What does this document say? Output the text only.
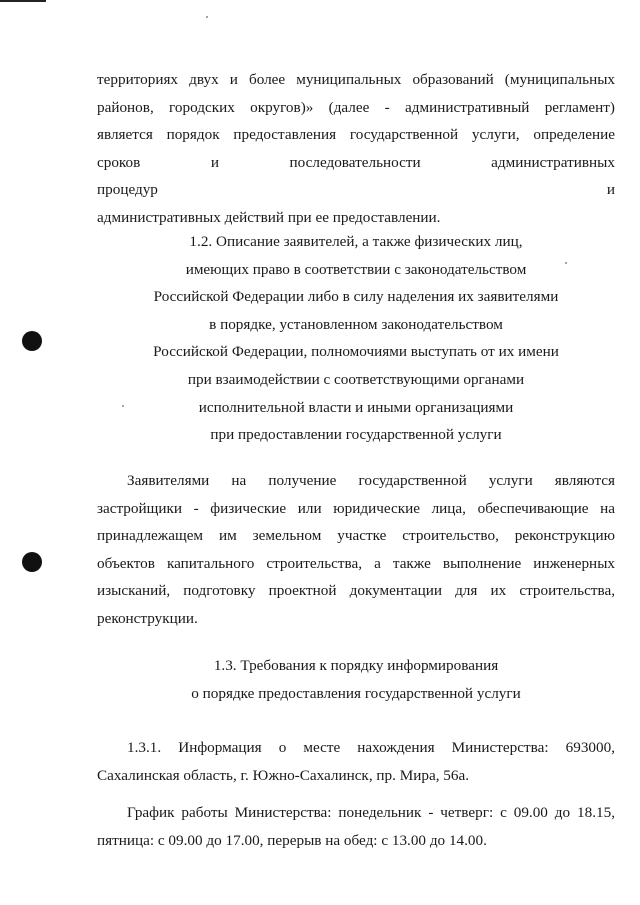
территориях двух и более муниципальных образований (муниципальных

районов, городских округов)» (далее - административный регламент)

является порядок предоставления государственной услуги, определение

сроков и последовательности административных процедур и

административных действий при ее предоставлении.

1.2. Описание заявителей, а также физических лиц,

имеющих право в соответствии с законодательством

Российской Федерации либо в силу наделения их заявителями

в порядке, установленном законодательством

Российской Федерации, полномочиями выступать от их имени

при взаимодействии с соответствующими органами

исполнительной власти и иными организациями

при предоставлении государственной услуги

Заявителями на получение государственной услуги являются

застройщики - физические или юридические лица, обеспечивающие на

принадлежащем им земельном участке строительство, реконструкцию

объектов капитального строительства, а также выполнение инженерных

изысканий, подготовку проектной документации для их строительства,

реконструкции.

1.3. Требования к порядку информирования

о порядке предоставления государственной услуги

1.3.1. Информация о месте нахождения Министерства: 693000,

Сахалинская область, г. Южно-Сахалинск, пр. Мира, 56а.

График работы Министерства: понедельник - четверг: с 09.00 до 18.15,

пятница: с 09.00 до 17.00, перерыв на обед: с 13.00 до 14.00.
